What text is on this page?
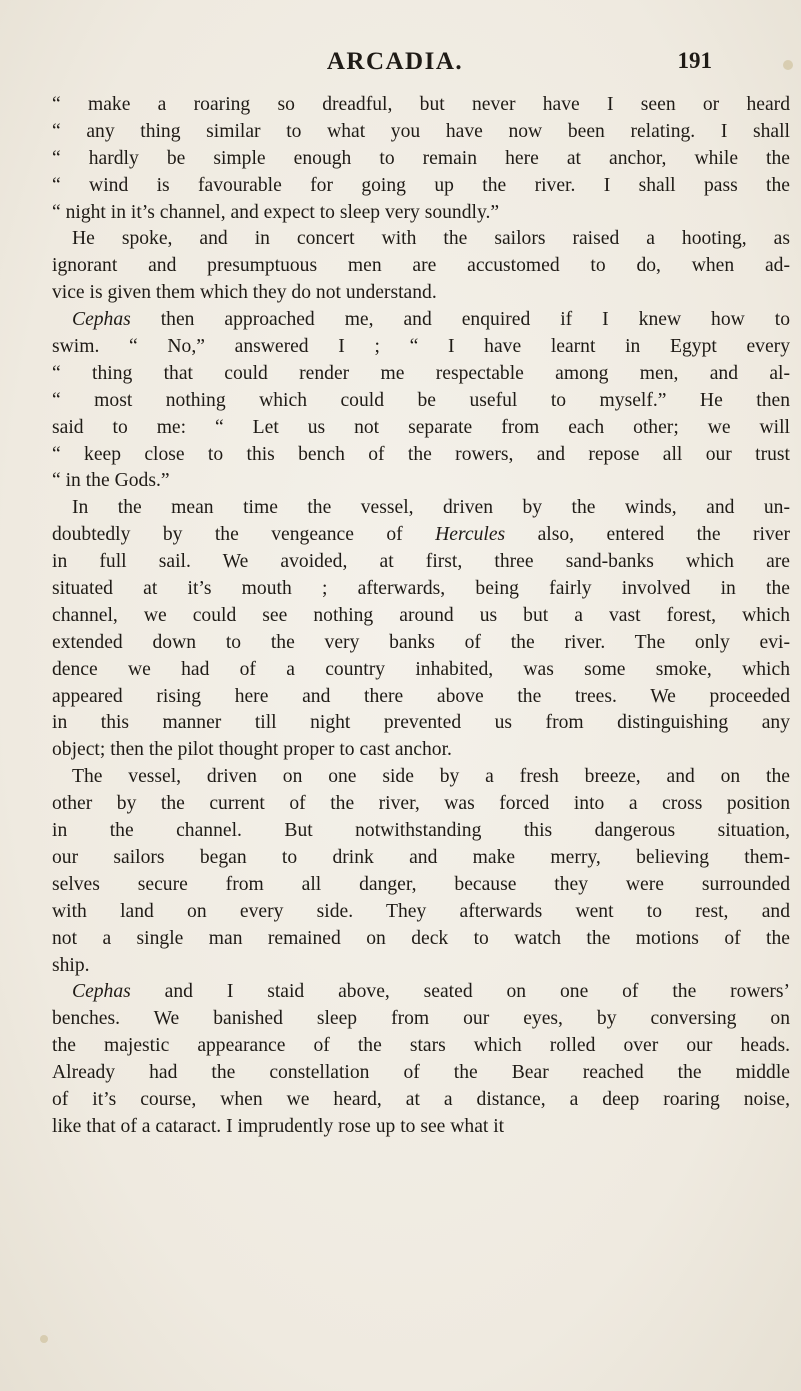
ARCADIA.	191
“ make a roaring so dreadful, but never have I seen or heard
“ any thing similar to what you have now been relating. I shall
“ hardly be simple enough to remain here at anchor, while the
“ wind is favourable for going up the river. I shall pass the
“ night in it’s channel, and expect to sleep very soundly.”
He spoke, and in concert with the sailors raised a hooting, as
ignorant and presumptuous men are accustomed to do, when ad-
vice is given them which they do not understand.
Cephas then approached me, and enquired if I knew how to
swim. “ No,” answered I ; “ I have learnt in Egypt every
“ thing that could render me respectable among men, and al-
“ most nothing which could be useful to myself.” He then
said to me: “ Let us not separate from each other; we will
“ keep close to this bench of the rowers, and repose all our trust
“ in the Gods.”
In the mean time the vessel, driven by the winds, and un-
doubtedly by the vengeance of Hercules also, entered the river
in full sail. We avoided, at first, three sand-banks which are
situated at it’s mouth ; afterwards, being fairly involved in the
channel, we could see nothing around us but a vast forest, which
extended down to the very banks of the river. The only evi-
dence we had of a country inhabited, was some smoke, which
appeared rising here and there above the trees. We proceeded
in this manner till night prevented us from distinguishing any
object; then the pilot thought proper to cast anchor.
The vessel, driven on one side by a fresh breeze, and on the
other by the current of the river, was forced into a cross position
in the channel. But notwithstanding this dangerous situation,
our sailors began to drink and make merry, believing them-
selves secure from all danger, because they were surrounded
with land on every side. They afterwards went to rest, and
not a single man remained on deck to watch the motions of the
ship.
Cephas and I staid above, seated on one of the rowers’
benches. We banished sleep from our eyes, by conversing on
the majestic appearance of the stars which rolled over our heads.
Already had the constellation of the Bear reached the middle
of it’s course, when we heard, at a distance, a deep roaring noise,
like that of a cataract. I imprudently rose up to see what it
